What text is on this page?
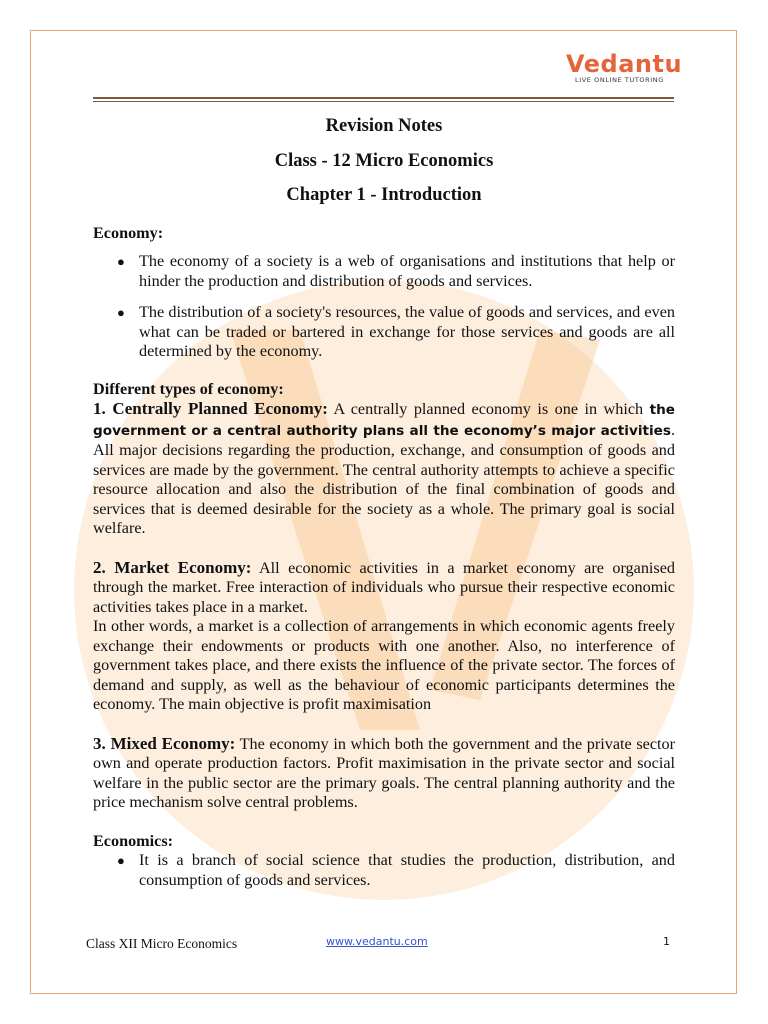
Vedantu
LIVE ONLINE TUTORING
Revision Notes
Class - 12 Micro Economics
Chapter 1 - Introduction
Economy:
● The economy of a society is a web of organisations and institutions that help or hinder the production and distribution of goods and services.
● The distribution of a society's resources, the value of goods and services, and even what can be traded or bartered in exchange for those services and goods are all determined by the economy.
Different types of economy:

1. Centrally Planned Economy: A centrally planned economy is one in which the government or a central authority plans all the economy’s major activities. All major decisions regarding the production, exchange, and consumption of goods and services are made by the government. The central authority attempts to achieve a specific resource allocation and also the distribution of the final combination of goods and services that is deemed desirable for the society as a whole. The primary goal is social welfare.

2. Market Economy: All economic activities in a market economy are organised through the market. Free interaction of individuals who pursue their respective economic activities takes place in a market.

In other words, a market is a collection of arrangements in which economic agents freely exchange their endowments or products with one another. Also, no interference of government takes place, and there exists the influence of the private sector. The forces of demand and supply, as well as the behaviour of economic participants determines the economy. The main objective is profit maximisation

3. Mixed Economy: The economy in which both the government and the private sector own and operate production factors. Profit maximisation in the private sector and social welfare in the public sector are the primary goals. The central planning authority and the price mechanism solve central problems.

Economics:
● It is a branch of social science that studies the production, distribution, and consumption of goods and services.
Class XII Micro Economics	www.vedantu.com	1
